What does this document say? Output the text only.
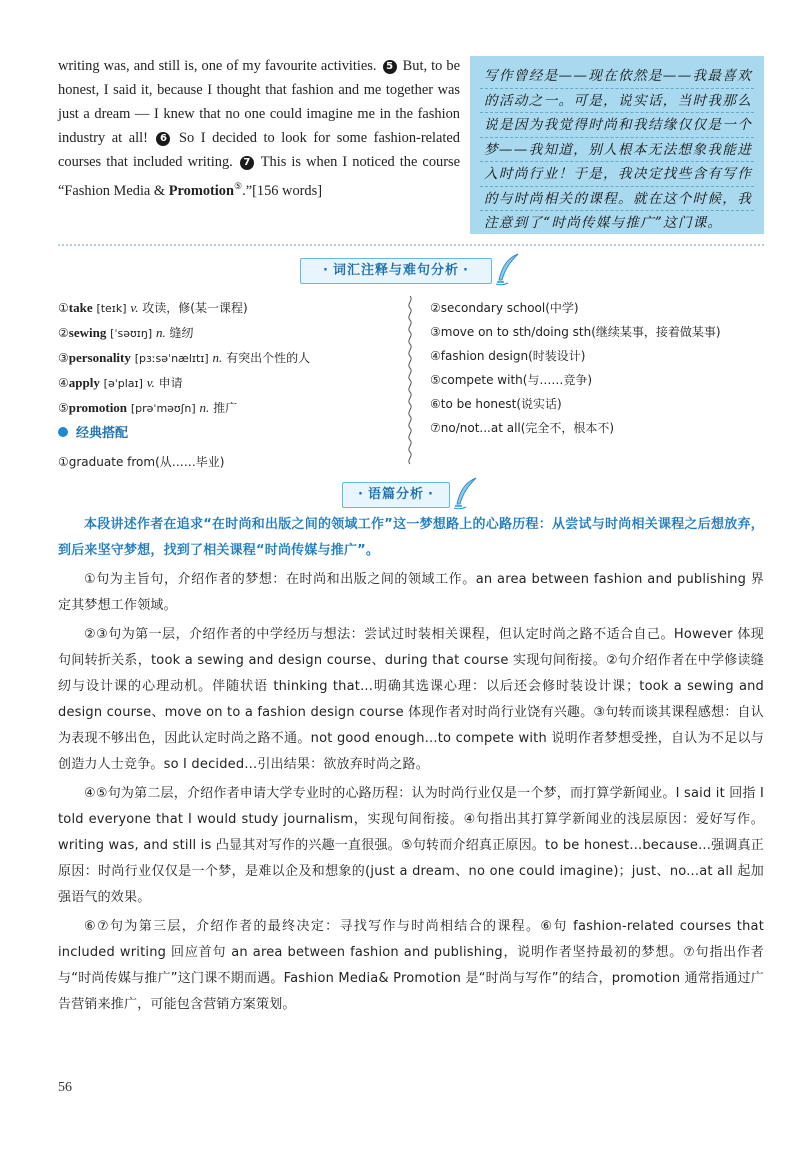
writing was, and still is, one of my favourite activities. 5 But, to be honest, I said it, because I thought that fashion and me together was just a dream — I knew that no one could imagine me in the fashion industry at all! 6 So I decided to look for some fashion-related courses that included writing. 7 This is when I noticed the course “Fashion Media & Promotion⑤.”[156 words]
写作曾经是——现在依然是——我最喜欢的活动之一。可是，说实话，当时我那么说是因为我觉得时尚和我结缘仅仅是一个梦——我知道，别人根本无法想象我能进入时尚行业！于是，我决定找些含有写作的与时尚相关的课程。就在这个时候，我注意到了“时尚传媒与推广”这门课。
· 词汇注释与难句分析 ·
①take [teɪk] v. 攻读，修(某一课程)
②sewing [ˈsəʊɪŋ] n. 缝纫
③personality [pɜːsəˈnælɪtɪ] n. 有突出个性的人
④apply [əˈplaɪ] v. 申请
⑤promotion [prəˈməʊʃn] n. 推广
②secondary school(中学)
③move on to sth/doing sth(继续某事，接着做某事)
④fashion design(时装设计)
⑤compete with(与……竞争)
⑥to be honest(说实话)
⑦no/not...at all(完全不，根本不)
经典搭配
①graduate from(从……毕业)
· 语篇分析 ·

本段讲述作者在追求“在时尚和出版之间的领域工作”这一梦想路上的心路历程：从尝试与时尚相关课程之后想放弃，到后来坚守梦想，找到了相关课程“时尚传媒与推广”。

①句为主旨句，介绍作者的梦想：在时尚和出版之间的领域工作。an area between fashion and publishing 界定其梦想工作领域。

②③句为第一层，介绍作者的中学经历与想法：尝试过时装相关课程，但认定时尚之路不适合自己。However 体现句间转折关系，took a sewing and design course、during that course 实现句间衔接。②句介绍作者在中学修读缝纫与设计课的心理动机。伴随状语 thinking that...明确其选课心理：以后还会修时装设计课；took a sewing and design course、move on to a fashion design course 体现作者对时尚行业饶有兴趣。③句转而谈其课程感想：自认为表现不够出色，因此认定时尚之路不通。not good enough...to compete with 说明作者梦想受挫，自认为不足以与创造力人士竞争。so I decided...引出结果：欲放弃时尚之路。

④⑤句为第二层，介绍作者申请大学专业时的心路历程：认为时尚行业仅是一个梦，而打算学新闻业。I said it 回指 I told everyone that I would study journalism，实现句间衔接。④句指出其打算学新闻业的浅层原因：爱好写作。writing was, and still is 凸显其对写作的兴趣一直很强。⑤句转而介绍真正原因。to be honest...because...强调真正原因：时尚行业仅仅是一个梦，是难以企及和想象的(just a dream、no one could imagine)；just、no...at all 起加强语气的效果。

⑥⑦句为第三层，介绍作者的最终决定：寻找写作与时尚相结合的课程。⑥句 fashion-related courses that included writing 回应首句 an area between fashion and publishing，说明作者坚持最初的梦想。⑦句指出作者与“时尚传媒与推广”这门课不期而遇。Fashion Media& Promotion 是“时尚与写作”的结合，promotion 通常指通过广告营销来推广，可能包含营销方案策划。

56
